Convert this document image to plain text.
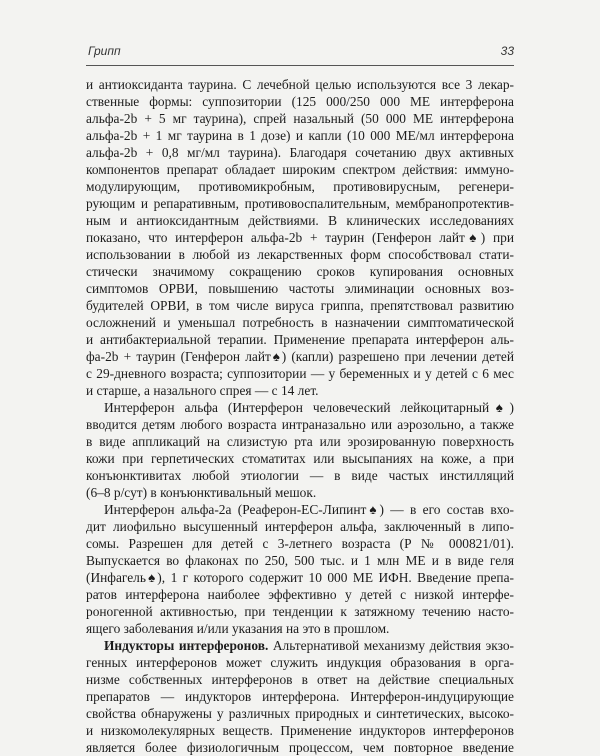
Грипп	33
и антиоксиданта таурина. С лечебной целью используются все 3 лекар-
ственные формы: суппозитории (125 000/250 000 МЕ интерферона
альфа-2b + 5 мг таурина), спрей назальный (50 000 МЕ интерферона
альфа-2b + 1 мг таурина в 1 дозе) и капли (10 000 МЕ/мл интерферона
альфа-2b + 0,8 мг/мл таурина). Благодаря сочетанию двух активных
компонентов препарат обладает широким спектром действия: иммуно-
модулирующим, противомикробным, противовирусным, регенери-
рующим и репаративным, противовоспалительным, мембранопротектив-
ным и антиоксидантным действиями. В клинических исследованиях
показано, что интерферон альфа-2b + таурин (Генферон лайт♠) при
использовании в любой из лекарственных форм способствовал стати-
стически значимому сокращению сроков купирования основных
симптомов ОРВИ, повышению частоты элиминации основных воз-
будителей ОРВИ, в том числе вируса гриппа, препятствовал развитию
осложнений и уменьшал потребность в назначении симптоматической
и антибактериальной терапии. Применение препарата интерферон аль-
фа-2b + таурин (Генферон лайт♠) (капли) разрешено при лечении детей
с 29-дневного возраста; суппозитории — у беременных и у детей с 6 мес
и старше, а назального спрея — с 14 лет.
Интерферон альфа (Интерферон человеческий лейкоцитарный♠)
вводится детям любого возраста интраназально или аэрозольно, а также
в виде аппликаций на слизистую рта или эрозированную поверхность
кожи при герпетических стоматитах или высыпаниях на коже, а при
конъюнктивитах любой этиологии — в виде частых инстилляций
(6–8 р/сут) в конъюнктивальный мешок.
Интерферон альфа-2а (Реаферон-ЕС-Липинт♠) — в его состав вхо-
дит лиофильно высушенный интерферон альфа, заключенный в липо-
сомы. Разрешен для детей с 3-летнего возраста (Р № 000821/01).
Выпускается во флаконах по 250, 500 тыс. и 1 млн МЕ и в виде геля
(Инфагель♠), 1 г которого содержит 10 000 МЕ ИФН. Введение препа-
ратов интерферона наиболее эффективно у детей с низкой интерфе-
роногенной активностью, при тенденции к затяжному течению насто-
ящего заболевания и/или указания на это в прошлом.
Индукторы интерферонов. Альтернативой механизму действия экзо-
генных интерферонов может служить индукция образования в орга-
низме собственных интерферонов в ответ на действие специальных
препаратов — индукторов интерферона. Интерферон-индуцирующие
свойства обнаружены у различных природных и синтетических, высоко-
и низкомолекулярных веществ. Применение индукторов интерферонов
является более физиологичным процессом, чем повторное введение
